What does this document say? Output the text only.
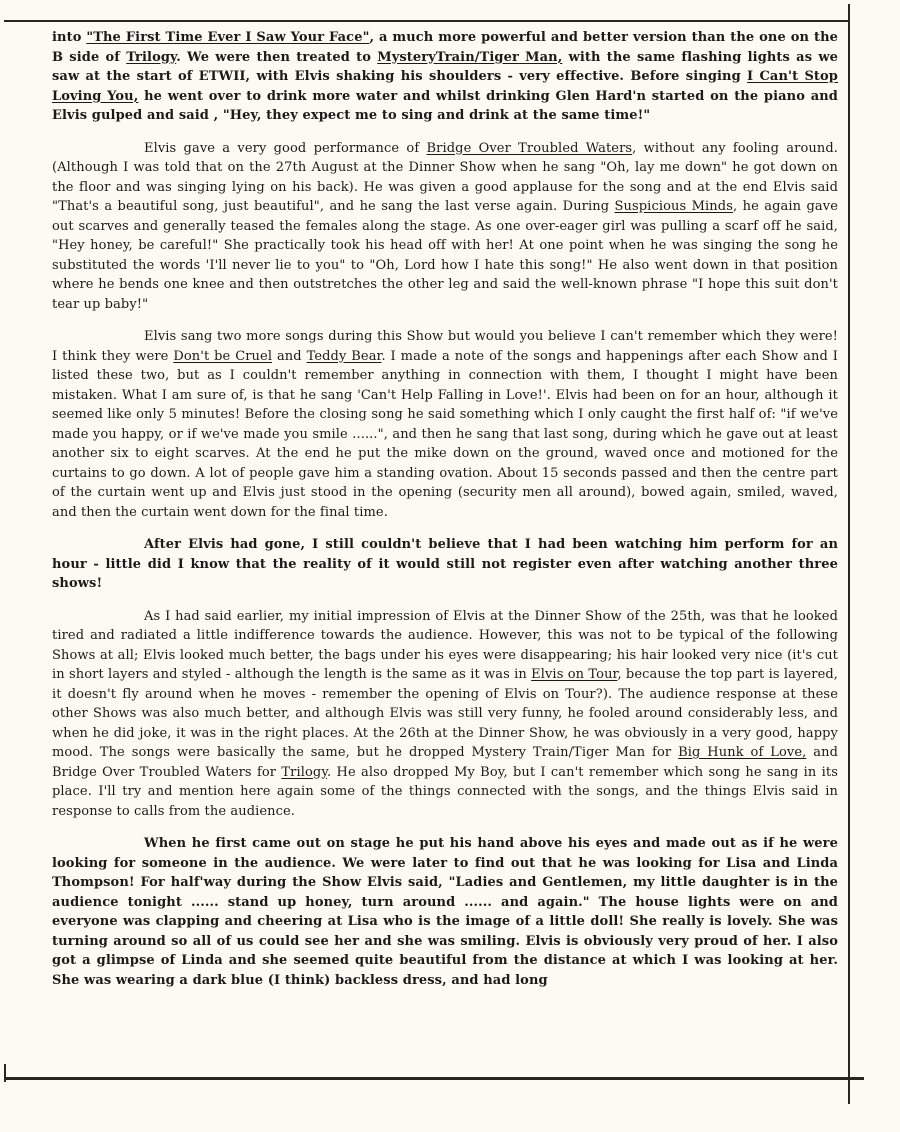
into "The First Time Ever I Saw Your Face", a much more powerful and better version than the one on the B side of Trilogy. We were then treated to MysteryTrain/Tiger Man, with the same flashing lights as we saw at the start of ETWII, with Elvis shaking his shoulders - very effective. Before singing I Can't Stop Loving You, he went over to drink more water and whilst drinking Glen Hard'n started on the piano and Elvis gulped and said , "Hey, they expect me to sing and drink at the same time!"

Elvis gave a very good performance of Bridge Over Troubled Waters, without any fooling around. (Although I was told that on the 27th August at the Dinner Show when he sang "Oh, lay me down" he got down on the floor and was singing lying on his back). He was given a good applause for the song and at the end Elvis said "That's a beautiful song, just beautiful", and he sang the last verse again. During Suspicious Minds, he again gave out scarves and generally teased the females along the stage. As one over-eager girl was pulling a scarf off he said, "Hey honey, be careful!" She practically took his head off with her! At one point when he was singing the song he substituted the words 'I'll never lie to you" to "Oh, Lord how I hate this song!" He also went down in that position where he bends one knee and then outstretches the other leg and said the well-known phrase "I hope this suit don't tear up baby!"

Elvis sang two more songs during this Show but would you believe I can't remember which they were! I think they were Don't be Cruel and Teddy Bear. I made a note of the songs and happenings after each Show and I listed these two, but as I couldn't remember anything in connection with them, I thought I might have been mistaken. What I am sure of, is that he sang 'Can't Help Falling in Love!'. Elvis had been on for an hour, although it seemed like only 5 minutes! Before the closing song he said something which I only caught the first half of: "if we've made you happy, or if we've made you smile ......", and then he sang that last song, during which he gave out at least another six to eight scarves. At the end he put the mike down on the ground, waved once and motioned for the curtains to go down. A lot of people gave him a standing ovation. About 15 seconds passed and then the centre part of the curtain went up and Elvis just stood in the opening (security men all around), bowed again, smiled, waved, and then the curtain went down for the final time.

After Elvis had gone, I still couldn't believe that I had been watching him perform for an hour - little did I know that the reality of it would still not register even after watching another three shows!

As I had said earlier, my initial impression of Elvis at the Dinner Show of the 25th, was that he looked tired and radiated a little indifference towards the audience. However, this was not to be typical of the following Shows at all; Elvis looked much better, the bags under his eyes were disappearing; his hair looked very nice (it's cut in short layers and styled - although the length is the same as it was in Elvis on Tour, because the top part is layered, it doesn't fly around when he moves - remember the opening of Elvis on Tour?). The audience response at these other Shows was also much better, and although Elvis was still very funny, he fooled around considerably less, and when he did joke, it was in the right places. At the 26th at the Dinner Show, he was obviously in a very good, happy mood. The songs were basically the same, but he dropped Mystery Train/Tiger Man for Big Hunk of Love, and Bridge Over Troubled Waters for Trilogy. He also dropped My Boy, but I can't remember which song he sang in its place. I'll try and mention here again some of the things connected with the songs, and the things Elvis said in response to calls from the audience.

When he first came out on stage he put his hand above his eyes and made out as if he were looking for someone in the audience. We were later to find out that he was looking for Lisa and Linda Thompson! For half'way during the Show Elvis said, "Ladies and Gentlemen, my little daughter is in the audience tonight ...... stand up honey, turn around ...... and again." The house lights were on and everyone was clapping and cheering at Lisa who is the image of a little doll! She really is lovely. She was turning around so all of us could see her and she was smiling. Elvis is obviously very proud of her. I also got a glimpse of Linda and she seemed quite beautiful from the distance at which I was looking at her. She was wearing a dark blue (I think) backless dress, and had long
